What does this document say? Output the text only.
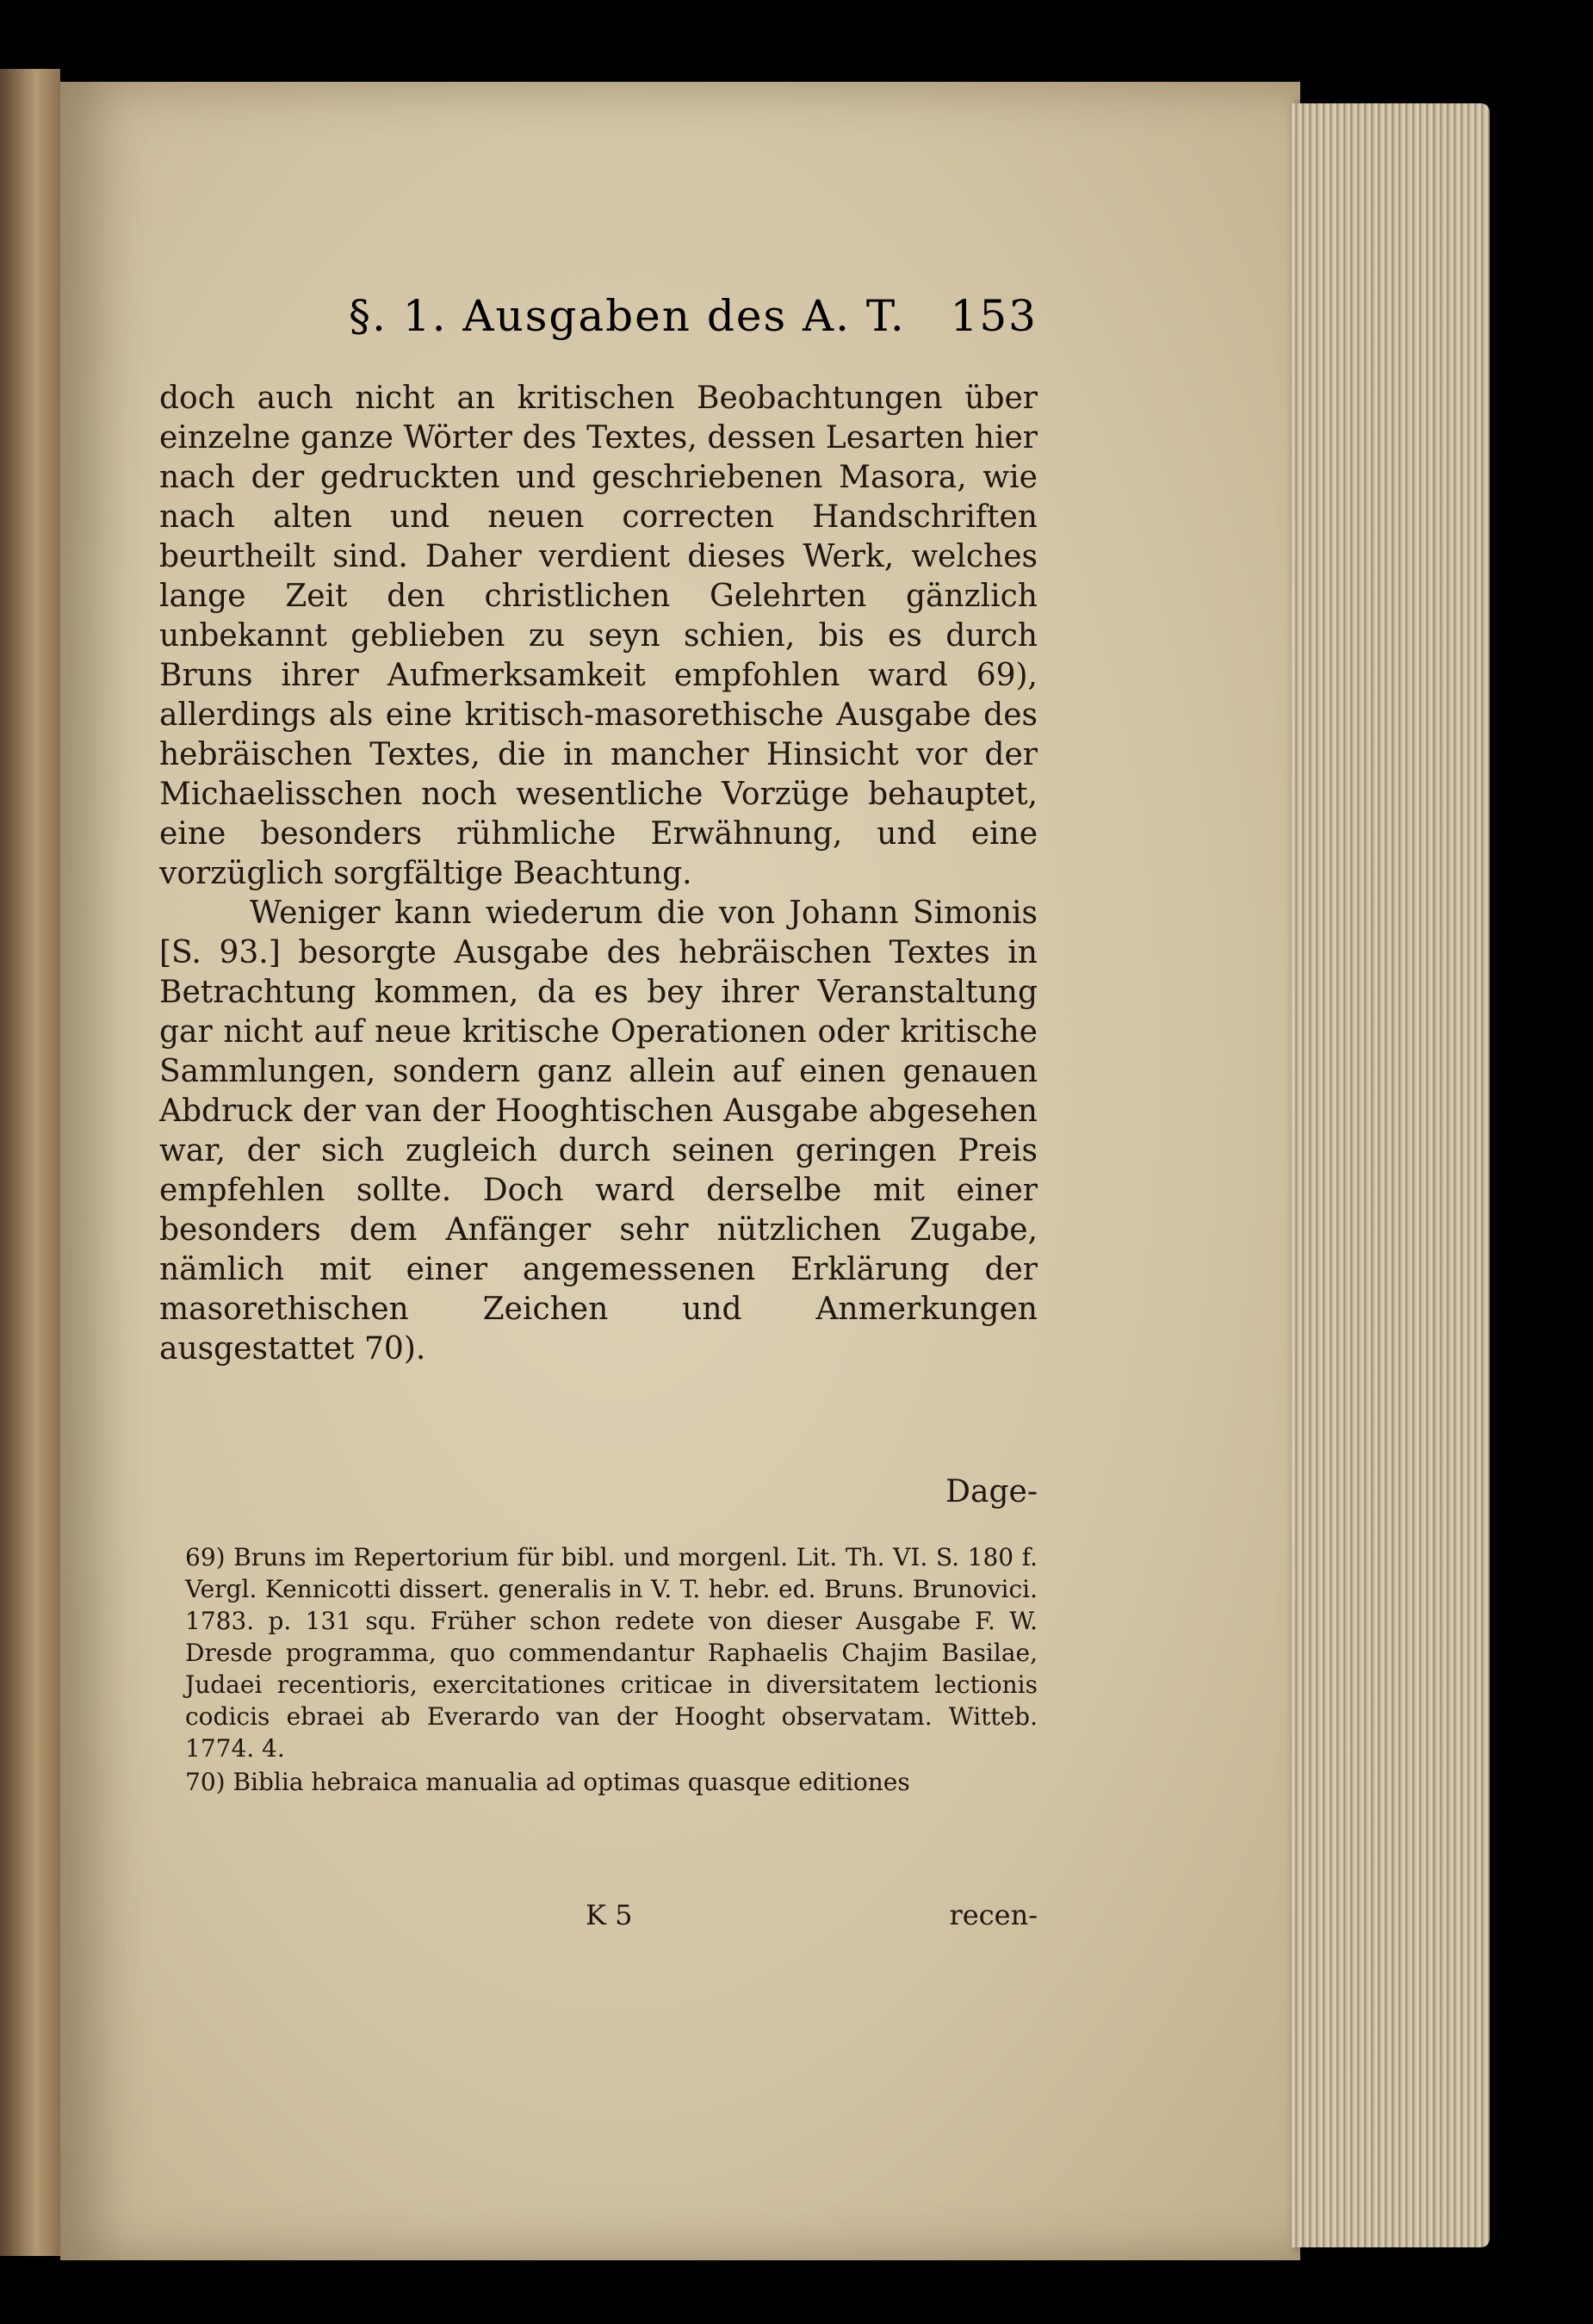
§. 1. Ausgaben des A. T. 153

doch auch nicht an kritischen Beobachtungen über einzelne ganze Wörter des Textes, dessen Lesarten hier nach der gedruckten und geschriebenen Masora, wie nach alten und neuen correcten Handschriften beurtheilt sind. Daher verdient dieses Werk, welches lange Zeit den christlichen Gelehrten gänzlich unbekannt geblieben zu seyn schien, bis es durch Bruns ihrer Aufmerksamkeit empfohlen ward 69), allerdings als eine kritisch-masorethische Ausgabe des hebräischen Textes, die in mancher Hinsicht vor der Michaelisschen noch wesentliche Vorzüge behauptet, eine besonders rühmliche Erwähnung, und eine vorzüglich sorgfältige Beachtung.

Weniger kann wiederum die von Johann Simonis [S. 93.] besorgte Ausgabe des hebräischen Textes in Betrachtung kommen, da es bey ihrer Veranstaltung gar nicht auf neue kritische Operationen oder kritische Sammlungen, sondern ganz allein auf einen genauen Abdruck der van der Hooghtischen Ausgabe abgesehen war, der sich zugleich durch seinen geringen Preis empfehlen sollte. Doch ward derselbe mit einer besonders dem Anfänger sehr nützlichen Zugabe, nämlich mit einer angemessenen Erklärung der masorethischen Zeichen und Anmerkungen ausgestattet 70).

Dage-

69) Bruns im Repertorium für bibl. und morgenl. Lit. Th. VI. S. 180 f. Vergl. Kennicotti dissert. generalis in V. T. hebr. ed. Bruns. Brunovici. 1783. p. 131 squ. Früher schon redete von dieser Ausgabe F. W. Dresde programma, quo commendantur Raphaelis Chajim Basilae, Judaei recentioris, exercitationes criticae in diversitatem lectionis codicis ebraei ab Everardo van der Hooght observatam. Witteb. 1774. 4.

70) Biblia hebraica manualia ad optimas quasque editiones

K 5	recen-
